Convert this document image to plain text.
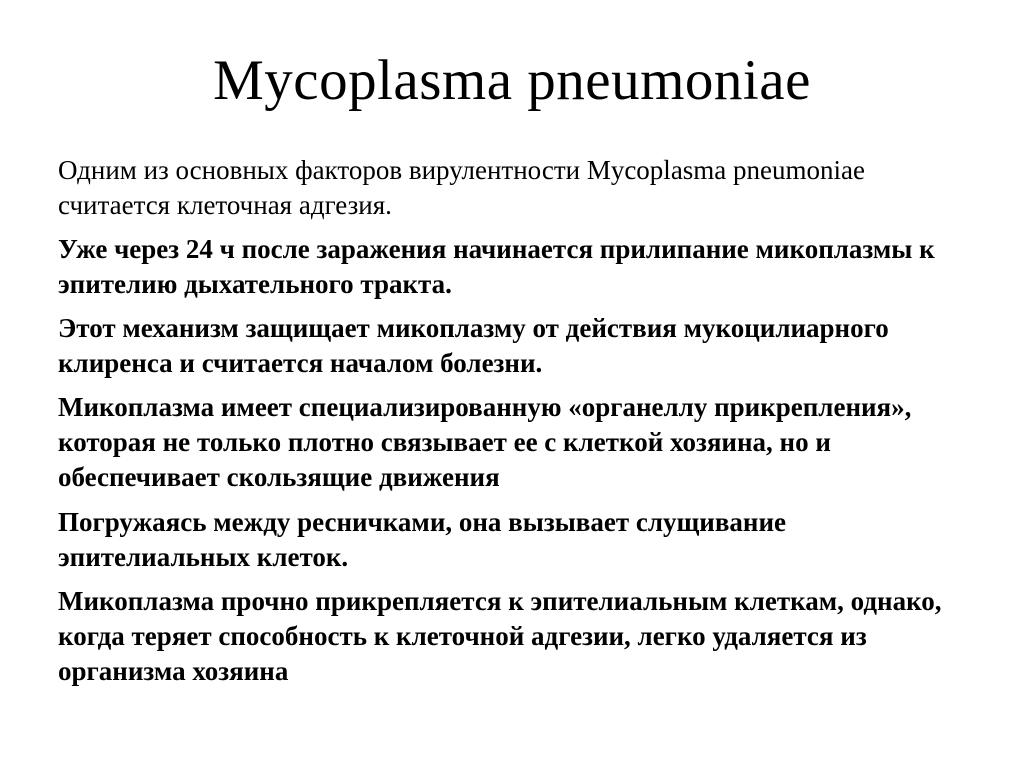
Mycoplasma pneumoniae

Одним из основных факторов вирулентности Mycoplasma pneumoniae считается клеточная адгезия.

Уже через 24 ч после заражения начинается прилипание микоплазмы к эпителию дыхательного тракта.

Этот механизм защищает микоплазму от действия мукоцилиарного клиренса и считается началом болезни.

Микоплазма имеет специализированную «органеллу прикрепления», которая не только плотно связывает ее с клеткой хозяина, но и обеспечивает скользящие движения

Погружаясь между ресничками, она вызывает слущивание эпителиальных клеток.

Микоплазма прочно прикрепляется к эпителиальным клеткам, однако, когда теряет способность к клеточной адгезии, легко удаляется из организма хозяина
